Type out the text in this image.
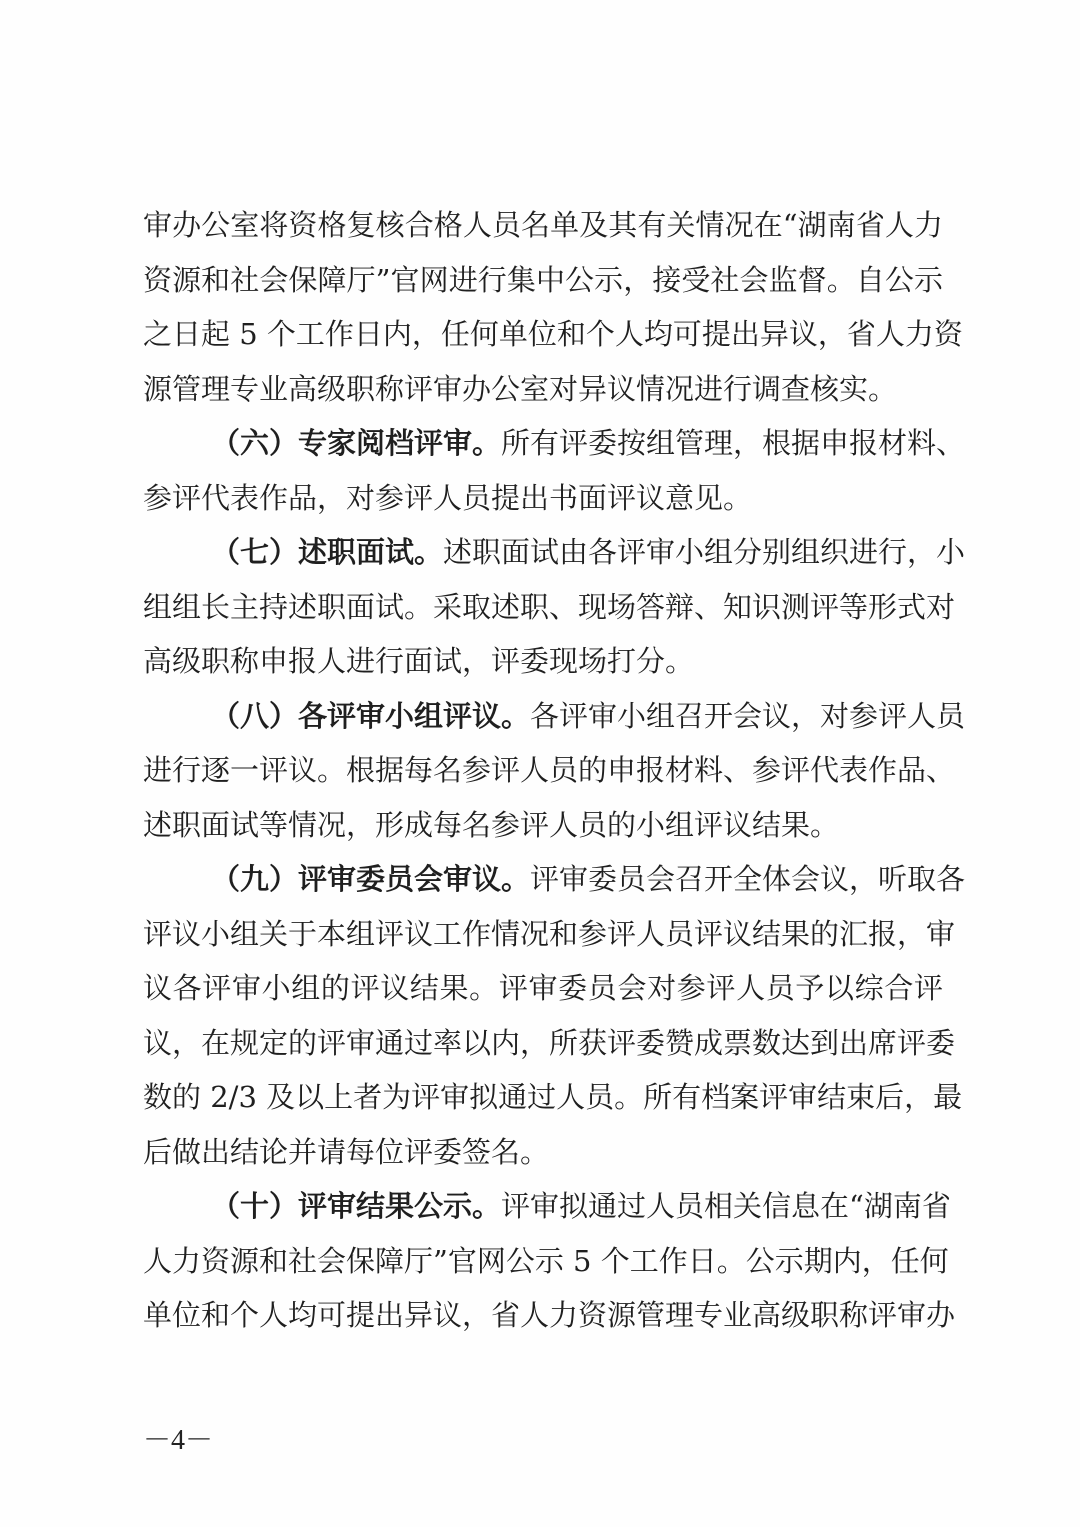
审办公室将资格复核合格人员名单及其有关情况在“湖南省人力
资源和社会保障厅”官网进行集中公示，接受社会监督。自公示
之日起 5 个工作日内，任何单位和个人均可提出异议，省人力资
源管理专业高级职称评审办公室对异议情况进行调查核实。
（六）专家阅档评审。所有评委按组管理，根据申报材料、
参评代表作品，对参评人员提出书面评议意见。
（七）述职面试。述职面试由各评审小组分别组织进行，小
组组长主持述职面试。采取述职、现场答辩、知识测评等形式对
高级职称申报人进行面试，评委现场打分。
（八）各评审小组评议。各评审小组召开会议，对参评人员
进行逐一评议。根据每名参评人员的申报材料、参评代表作品、
述职面试等情况，形成每名参评人员的小组评议结果。
（九）评审委员会审议。评审委员会召开全体会议，听取各
评议小组关于本组评议工作情况和参评人员评议结果的汇报，审
议各评审小组的评议结果。评审委员会对参评人员予以综合评
议，在规定的评审通过率以内，所获评委赞成票数达到出席评委
数的 2/3 及以上者为评审拟通过人员。所有档案评审结束后，最
后做出结论并请每位评委签名。
（十）评审结果公示。评审拟通过人员相关信息在“湖南省
人力资源和社会保障厅”官网公示 5 个工作日。公示期内，任何
单位和个人均可提出异议，省人力资源管理专业高级职称评审办
－4－
